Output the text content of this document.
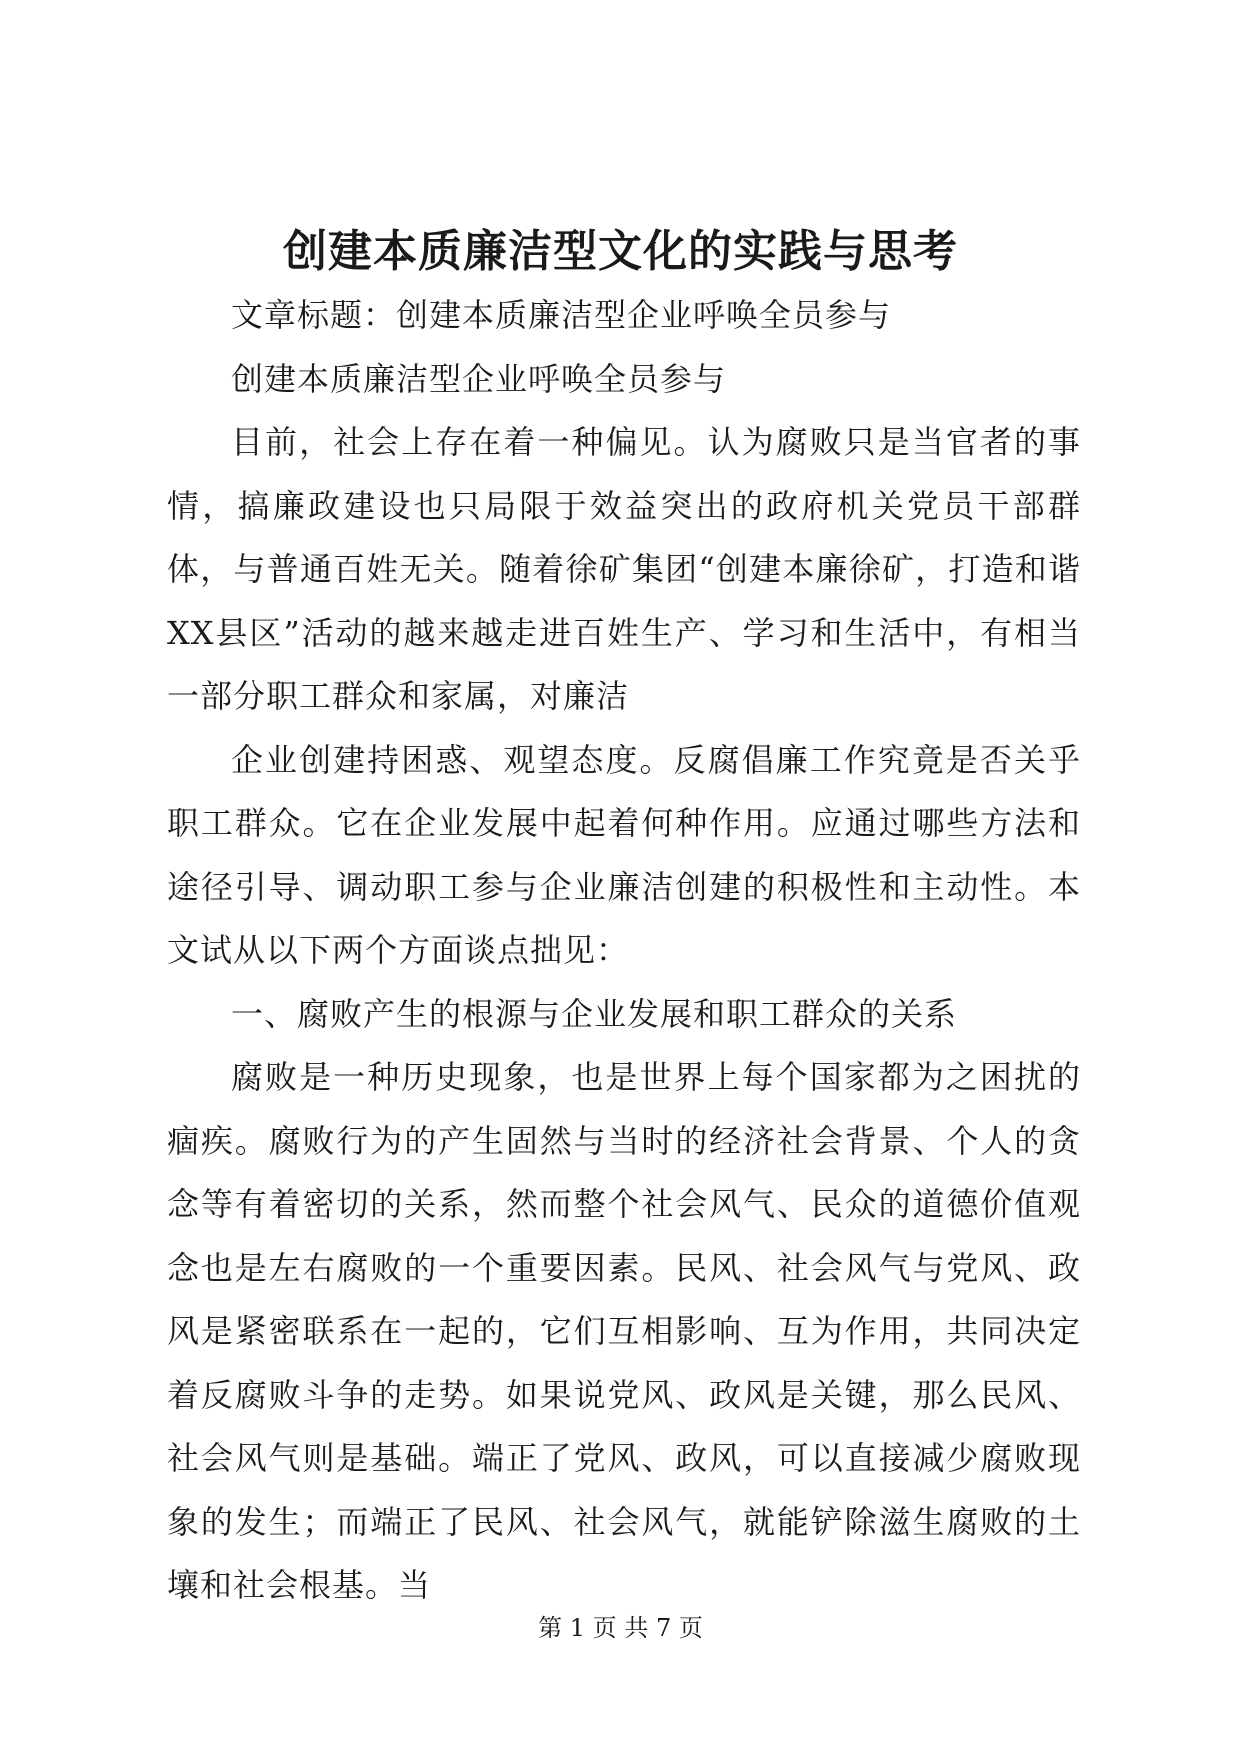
创建本质廉洁型文化的实践与思考

文章标题：创建本质廉洁型企业呼唤全员参与

创建本质廉洁型企业呼唤全员参与

目前，社会上存在着一种偏见。认为腐败只是当官者的事情，搞廉政建设也只局限于效益突出的政府机关党员干部群体，与普通百姓无关。随着徐矿集团“创建本廉徐矿，打造和谐XX县区”活动的越来越走进百姓生产、学习和生活中，有相当一部分职工群众和家属，对廉洁

企业创建持困惑、观望态度。反腐倡廉工作究竟是否关乎职工群众。它在企业发展中起着何种作用。应通过哪些方法和途径引导、调动职工参与企业廉洁创建的积极性和主动性。本文试从以下两个方面谈点拙见：

一、腐败产生的根源与企业发展和职工群众的关系

腐败是一种历史现象，也是世界上每个国家都为之困扰的痼疾。腐败行为的产生固然与当时的经济社会背景、个人的贪念等有着密切的关系，然而整个社会风气、民众的道德价值观念也是左右腐败的一个重要因素。民风、社会风气与党风、政风是紧密联系在一起的，它们互相影响、互为作用，共同决定着反腐败斗争的走势。如果说党风、政风是关键，那么民风、社会风气则是基础。端正了党风、政风，可以直接减少腐败现象的发生；而端正了民风、社会风气，就能铲除滋生腐败的土壤和社会根基。当

第 1 页 共 7 页
